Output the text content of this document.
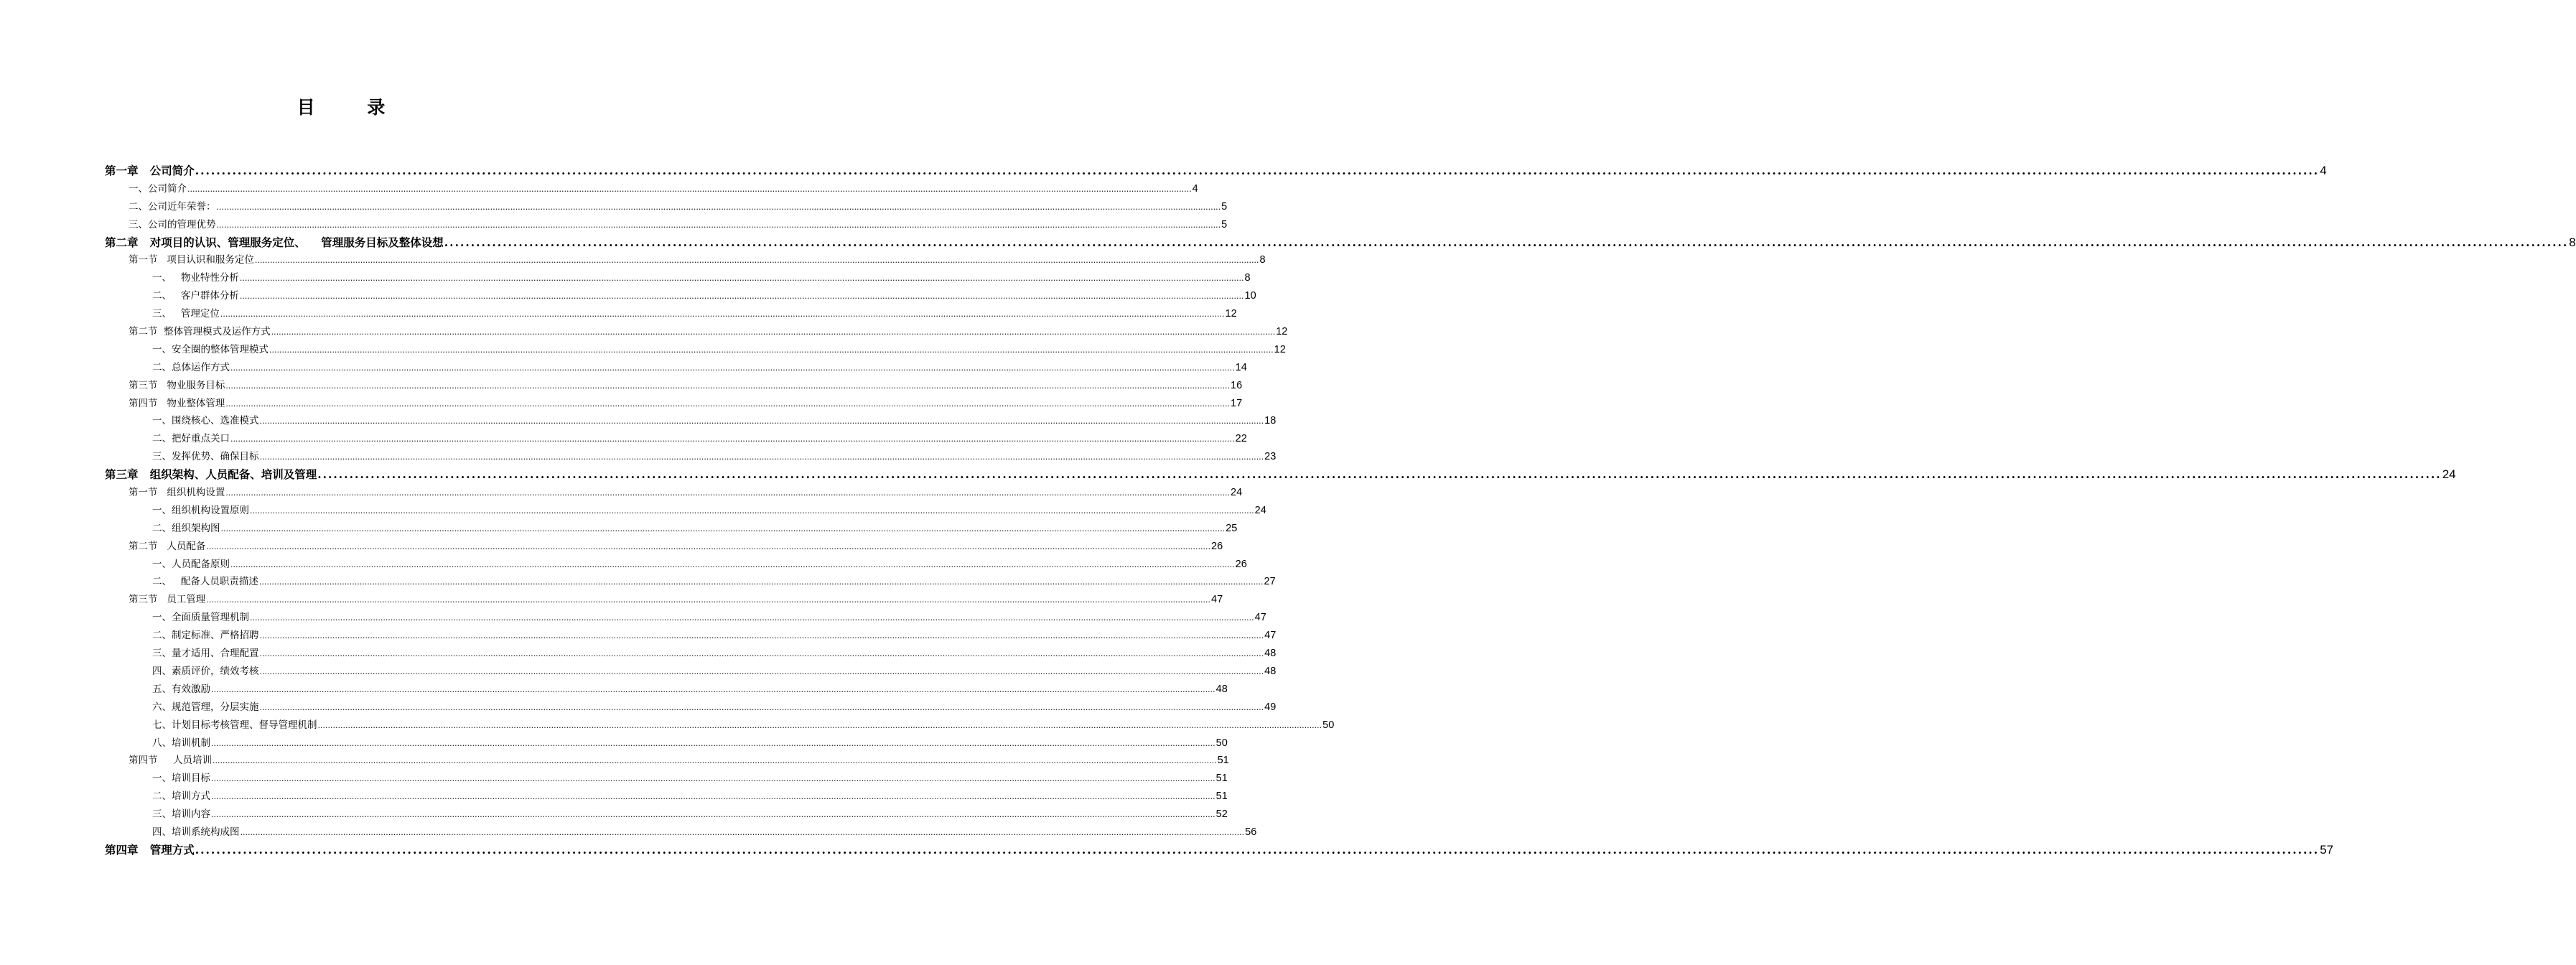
目 录
第一章   公司简介 ................................................................................................................................................................................................................................................................................................................................................................................................................ 4
一、公司简介 ................................................................................................................................................................................................................................................................................................................................................................................................................ 4
二、公司近年荣誉： ................................................................................................................................................................................................................................................................................................................................................................................................................ 5
三、公司的管理优势 ................................................................................................................................................................................................................................................................................................................................................................................................................ 5
第二章   对项目的认识、管理服务定位、    管理服务目标及整体设想 ................................................................................................................................................................................................................................................................................................................................................................................................................ 8
第一节   项目认识和服务定位 ................................................................................................................................................................................................................................................................................................................................................................................................................ 8
一、   物业特性分析 ................................................................................................................................................................................................................................................................................................................................................................................................................ 8
二、   客户群体分析 ................................................................................................................................................................................................................................................................................................................................................................................................................ 10
三、   管理定位 ................................................................................................................................................................................................................................................................................................................................................................................................................ 12
第二节  整体管理模式及运作方式 ................................................................................................................................................................................................................................................................................................................................................................................................................ 12
一、安全圈的整体管理模式 ................................................................................................................................................................................................................................................................................................................................................................................................................ 12
二、总体运作方式 ................................................................................................................................................................................................................................................................................................................................................................................................................ 14
第三节   物业服务目标 ................................................................................................................................................................................................................................................................................................................................................................................................................ 16
第四节   物业整体管理 ................................................................................................................................................................................................................................................................................................................................................................................................................ 17
一、围绕核心、选准模式 ................................................................................................................................................................................................................................................................................................................................................................................................................ 18
二、把好重点关口 ................................................................................................................................................................................................................................................................................................................................................................................................................ 22
三、发挥优势、确保目标 ................................................................................................................................................................................................................................................................................................................................................................................................................ 23
第三章   组织架构、人员配备、培训及管理 ................................................................................................................................................................................................................................................................................................................................................................................................................ 24
第一节   组织机构设置 ................................................................................................................................................................................................................................................................................................................................................................................................................ 24
一、组织机构设置原则 ................................................................................................................................................................................................................................................................................................................................................................................................................ 24
二、组织架构图 ................................................................................................................................................................................................................................................................................................................................................................................................................ 25
第二节   人员配备 ................................................................................................................................................................................................................................................................................................................................................................................................................ 26
一、人员配备原则 ................................................................................................................................................................................................................................................................................................................................................................................................................ 26
二、   配备人员职责描述 ................................................................................................................................................................................................................................................................................................................................................................................................................ 27
第三节   员工管理 ................................................................................................................................................................................................................................................................................................................................................................................................................ 47
一、全面质量管理机制 ................................................................................................................................................................................................................................................................................................................................................................................................................ 47
二、制定标准、严格招聘 ................................................................................................................................................................................................................................................................................................................................................................................................................ 47
三、量才适用、合理配置 ................................................................................................................................................................................................................................................................................................................................................................................................................ 48
四、素质评价，绩效考核 ................................................................................................................................................................................................................................................................................................................................................................................................................ 48
五、有效激励 ................................................................................................................................................................................................................................................................................................................................................................................................................ 48
六、规范管理，分层实施 ................................................................................................................................................................................................................................................................................................................................................................................................................ 49
七、计划目标考核管理、督导管理机制 ................................................................................................................................................................................................................................................................................................................................................................................................................ 50
八、培训机制 ................................................................................................................................................................................................................................................................................................................................................................................................................ 50
第四节     人员培训 ................................................................................................................................................................................................................................................................................................................................................................................................................ 51
一、培训目标 ................................................................................................................................................................................................................................................................................................................................................................................................................ 51
二、培训方式 ................................................................................................................................................................................................................................................................................................................................................................................................................ 51
三、培训内容 ................................................................................................................................................................................................................................................................................................................................................................................................................ 52
四、培训系统构成图 ................................................................................................................................................................................................................................................................................................................................................................................................................ 56
第四章   管理方式 ................................................................................................................................................................................................................................................................................................................................................................................................................ 57
